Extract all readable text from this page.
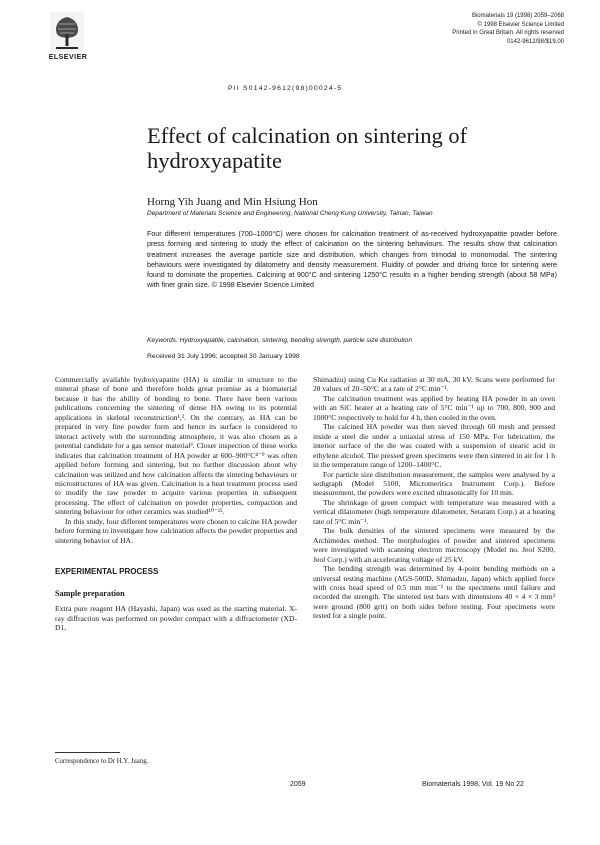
ELSEVIER
PII S0142-9612(98)00024-5
Biomaterials 19 (1998) 2059–2068
© 1998 Elsevier Science Limited
Printed in Great Britain. All rights reserved
0142-9612/98/$19.00
Effect of calcination on sintering of hydroxyapatite
Horng Yih Juang and Min Hsiung Hon
Department of Materials Science and Engineering, National Cheng Kung University, Tainan, Taiwan
Four different temperatures (700–1000°C) were chosen for calcination treatment of as-received hydroxyapatite powder before press forming and sintering to study the effect of calcination on the sintering behaviours. The results show that calcination treatment increases the average particle size and distribution, which changes from trimodal to monomodal. The sintering behaviours were investigated by dilatometry and density measurement. Fluidity of powder and driving force for sintering were found to dominate the properties. Calcining at 900°C and sintering 1250°C results in a higher bending strength (about 58 MPa) with finer grain size. © 1998 Elsevier Science Limited
Keywords: Hydroxyapatite, calcination, sintering, bending strength, particle size distribution
Received 31 July 1996; accepted 30 January 1998

Commercially available hydroxyapatite (HA) is similar in structure to the mineral phase of bone and therefore holds great promise as a biomaterial because it has the ability of bonding to bone. There have been various publications concerning the sintering of dense HA owing to its potential applications in skeletal reconstruction¹,². On the contrary, as HA can be prepared in very fine powder form and hence its surface is considered to interact actively with the surrounding atmosphere, it was also chosen as a potential candidate for a gas sensor material³. Closer inspection of these works indicates that calcination treatment of HA powder at 600–900°C⁴⁻⁹ was often applied before forming and sintering, but no further discussion about why calcination was utilized and how calcination affects the sintering behaviours or microstructures of HA was given. Calcination is a heat treatment process used to modify the raw powder to acquire various properties in subsequent processing. The effect of calcination on powder properties, compaction and sintering behaviour for other ceramics was studied¹⁰⁻¹⁵.

In this study, four different temperatures were chosen to calcine HA powder before forming to investigate how calcination affects the powder properties and sintering behavior of HA.

EXPERIMENTAL PROCESS
Sample preparation

Extra pure reagent HA (Hayashi, Japan) was used as the starting material. X-ray diffraction was performed on powder compact with a diffractometer (XD-D1,

Shimadzu) using Cu Kα radiation at 30 mA, 30 kV. Scans were performed for 2θ values of 20–50°C at a rate of 2°C min⁻¹.

The calcination treatment was applied by heating HA powder in an oven with an SiC heater at a heating rate of 5°C min⁻¹ up to 700, 800, 900 and 1000°C respectively to hold for 4 h, then cooled in the oven.

The calcined HA powder was then sieved through 60 mesh and pressed inside a steel die under a uniaxial stress of 150 MPa. For lubrication, the interior surface of the die was coated with a suspension of stearic acid in ethylene alcohol. The pressed green specimens were then sintered in air for 1 h in the temperature range of 1200–1400°C.

For particle size distribution measurement, the samples were analysed by a sedigraph (Model 5100, Micromeritics Instrument Corp.). Before measurement, the powders were excited ultrasonically for 10 min.

The shrinkage of green compact with temperature was measured with a vertical dilatometer (high temperature dilatometer, Setaram Corp.) at a heating rate of 5°C min⁻¹.

The bulk densities of the sintered specimens were measured by the Archimedes method. The morphologies of powder and sintered specimens were investigated with scanning electron microscopy (Model no. Jeol S200, Jeol Corp.) with an accelerating voltage of 25 kV.

The bending strength was determined by 4-point bending methods on a universal testing machine (AGS-500D, Shimadzu, Japan) which applied force with cross head speed of 0.5 mm min⁻¹ to the specimens until failure and recorded the strength. The sintered test bars with dimensions 40 × 4 × 3 mm³ were ground (800 grit) on both sides before testing. Four specimens were tested for a single point.

Correspondence to Dr H.Y. Juang.
2059	Biomaterials 1998, Vol. 19 No 22
